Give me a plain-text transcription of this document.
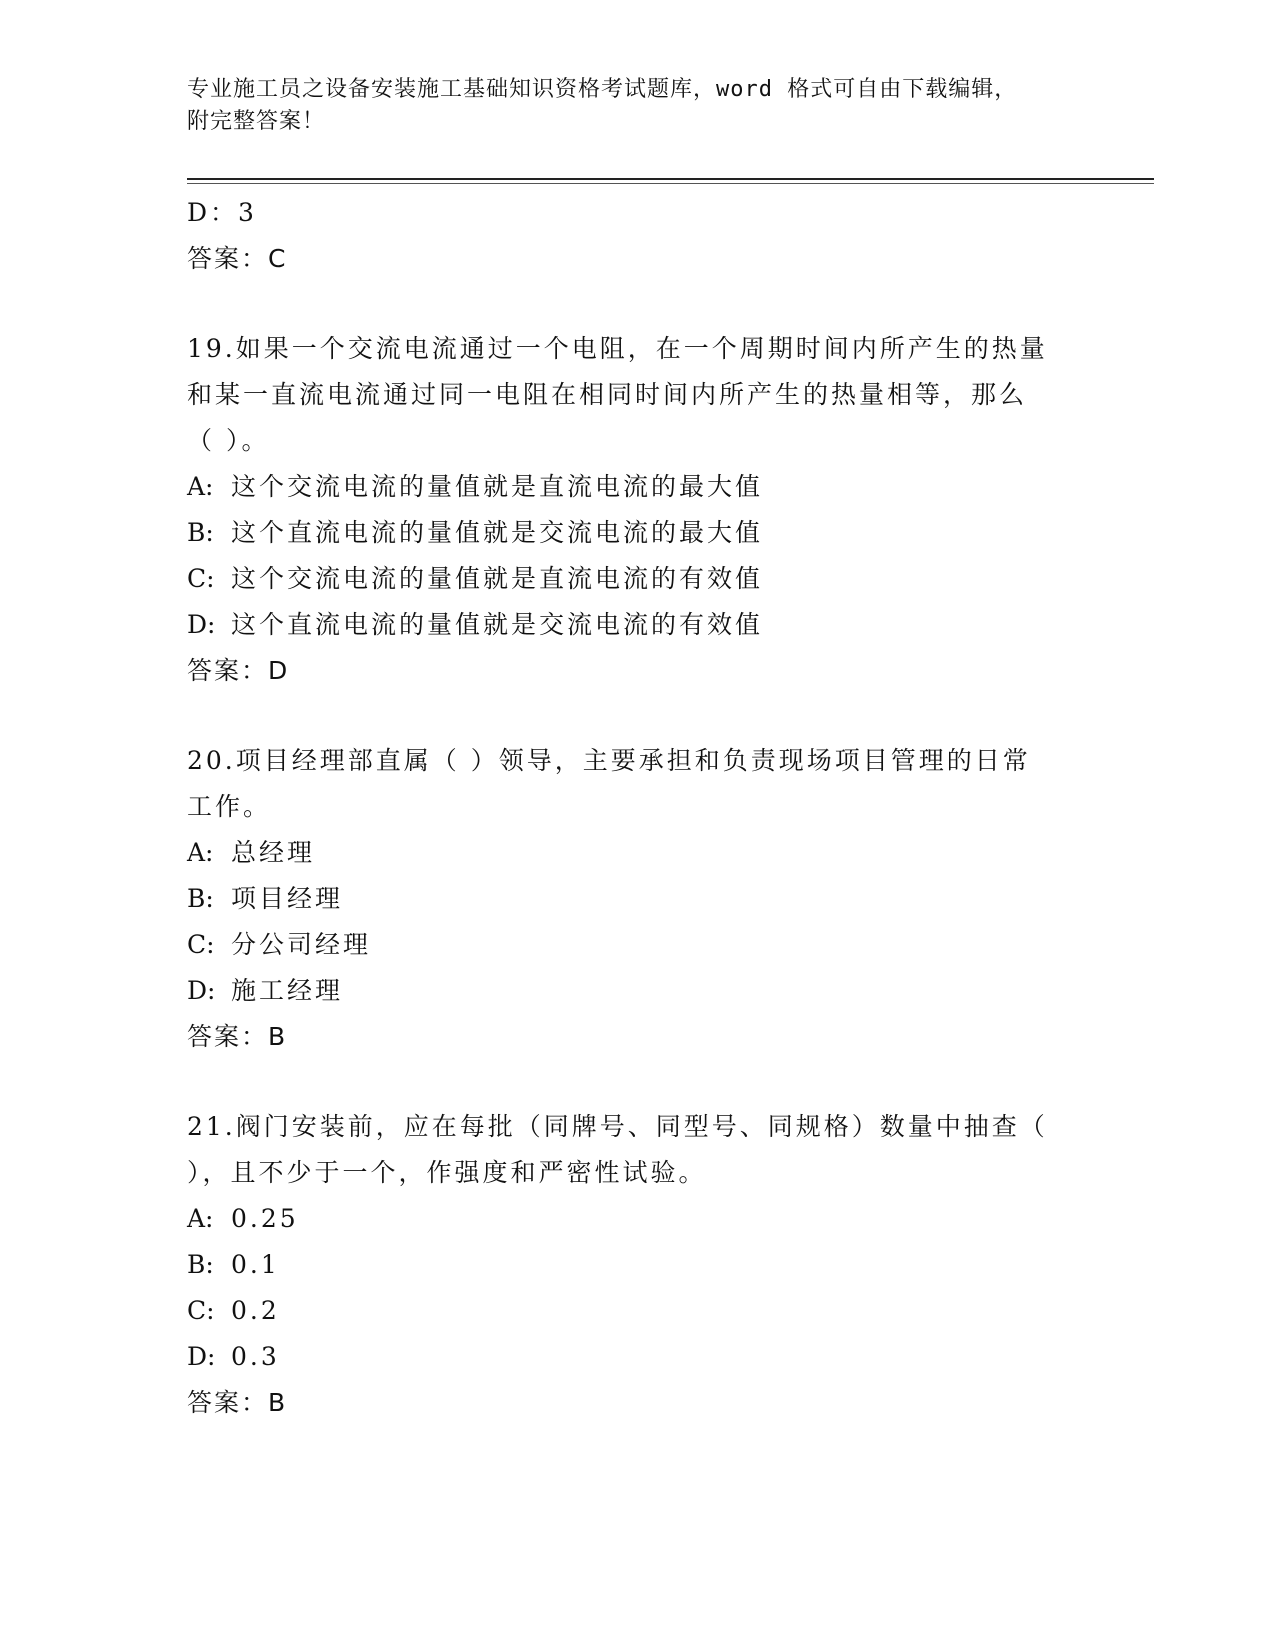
专业施工员之设备安装施工基础知识资格考试题库，word 格式可自由下载编辑，
附完整答案！
D：3
答案：C
19.如果一个交流电流通过一个电阻，在一个周期时间内所产生的热量
和某一直流电流通过同一电阻在相同时间内所产生的热量相等，那么
（ ）。
A: 这个交流电流的量值就是直流电流的最大值
B: 这个直流电流的量值就是交流电流的最大值
C: 这个交流电流的量值就是直流电流的有效值
D: 这个直流电流的量值就是交流电流的有效值
答案：D
20.项目经理部直属（ ）领导，主要承担和负责现场项目管理的日常
工作。
A: 总经理
B: 项目经理
C: 分公司经理
D: 施工经理
答案：B
21.阀门安装前，应在每批（同牌号、同型号、同规格）数量中抽查（
），且不少于一个，作强度和严密性试验。
A: 0.25
B: 0.1
C: 0.2
D: 0.3
答案：B
